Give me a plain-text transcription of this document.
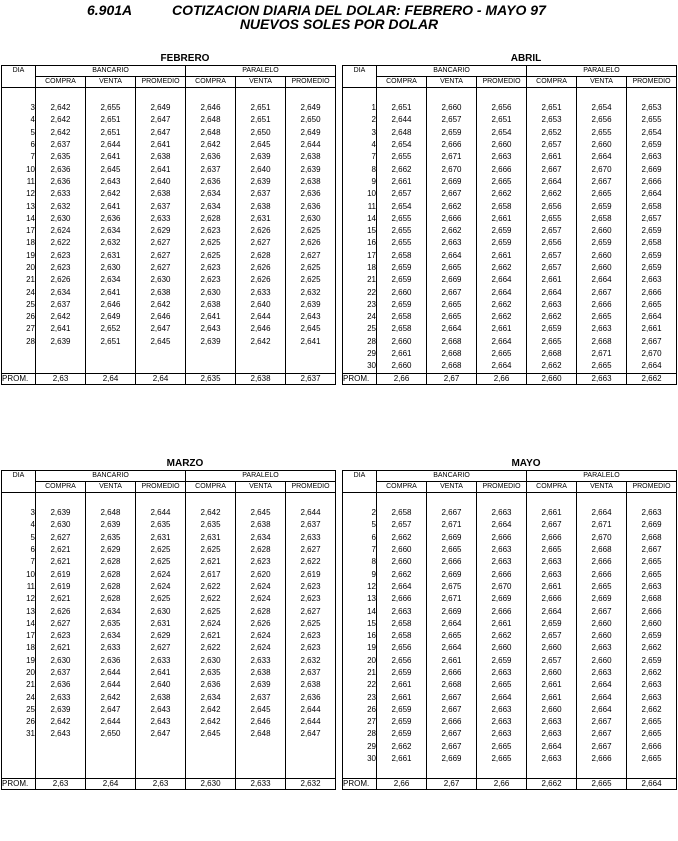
6.901A	COTIZACION DIARIA DEL DOLAR: FEBRERO - MAYO 97
NUEVOS SOLES POR DOLAR
FEBRERO
DIA	BANCARIO			PARALELO		
	COMPRA	VENTA	PROMEDIO	COMPRA	VENTA	PROMEDIO

3	2,642	2,655	2,649	2,646	2,651	2,649
4	2,642	2,651	2,647	2,648	2,651	2,650
5	2,642	2,651	2,647	2,648	2,650	2,649
6	2,637	2,644	2,641	2,642	2,645	2,644
7	2,635	2,641	2,638	2,636	2,639	2,638
10	2,636	2,645	2,641	2,637	2,640	2,639
11	2,636	2,643	2,640	2,636	2,639	2,638
12	2,633	2,642	2,638	2,634	2,637	2,636
13	2,632	2,641	2,637	2,634	2,638	2,636
14	2,630	2,636	2,633	2,628	2,631	2,630
17	2,624	2,634	2,629	2,623	2,626	2,625
18	2,622	2,632	2,627	2,625	2,627	2,626
19	2,623	2,631	2,627	2,625	2,628	2,627
20	2,623	2,630	2,627	2,623	2,626	2,625
21	2,626	2,634	2,630	2,623	2,626	2,625
24	2,634	2,641	2,638	2,630	2,633	2,632
25	2,637	2,646	2,642	2,638	2,640	2,639
26	2,642	2,649	2,646	2,641	2,644	2,643
27	2,641	2,652	2,647	2,643	2,646	2,645
28	2,639	2,651	2,645	2,639	2,642	2,641

PROM.	2,63	2,64	2,64	2,635	2,638	2,637
ABRIL
DIA	BANCARIO			PARALELO		
	COMPRA	VENTA	PROMEDIO	COMPRA	VENTA	PROMEDIO

1	2,651	2,660	2,656	2,651	2,654	2,653
2	2,644	2,657	2,651	2,653	2,656	2,655
3	2,648	2,659	2,654	2,652	2,655	2,654
4	2,654	2,666	2,660	2,657	2,660	2,659
7	2,655	2,671	2,663	2,661	2,664	2,663
8	2,662	2,670	2,666	2,667	2,670	2,669
9	2,661	2,669	2,665	2,664	2,667	2,666
10	2,657	2,667	2,662	2,662	2,665	2,664
11	2,654	2,662	2,658	2,656	2,659	2,658
14	2,655	2,666	2,661	2,655	2,658	2,657
15	2,655	2,662	2,659	2,657	2,660	2,659
16	2,655	2,663	2,659	2,656	2,659	2,658
17	2,658	2,664	2,661	2,657	2,660	2,659
18	2,659	2,665	2,662	2,657	2,660	2,659
21	2,659	2,669	2,664	2,661	2,664	2,663
22	2,660	2,667	2,664	2,664	2,667	2,666
23	2,659	2,665	2,662	2,663	2,666	2,665
24	2,658	2,665	2,662	2,662	2,665	2,664
25	2,658	2,664	2,661	2,659	2,663	2,661
28	2,660	2,668	2,664	2,665	2,668	2,667
29	2,661	2,668	2,665	2,668	2,671	2,670
30	2,660	2,668	2,664	2,662	2,665	2,664
PROM.	2,66	2,67	2,66	2,660	2,663	2,662
MARZO
DIA	BANCARIO			PARALELO		
	COMPRA	VENTA	PROMEDIO	COMPRA	VENTA	PROMEDIO

3	2,639	2,648	2,644	2,642	2,645	2,644
4	2,630	2,639	2,635	2,635	2,638	2,637
5	2,627	2,635	2,631	2,631	2,634	2,633
6	2,621	2,629	2,625	2,625	2,628	2,627
7	2,621	2,628	2,625	2,621	2,623	2,622
10	2,619	2,628	2,624	2,617	2,620	2,619
11	2,619	2,628	2,624	2,622	2,624	2,623
12	2,621	2,628	2,625	2,622	2,624	2,623
13	2,626	2,634	2,630	2,625	2,628	2,627
14	2,627	2,635	2,631	2,624	2,626	2,625
17	2,623	2,634	2,629	2,621	2,624	2,623
18	2,621	2,633	2,627	2,622	2,624	2,623
19	2,630	2,636	2,633	2,630	2,633	2,632
20	2,637	2,644	2,641	2,635	2,638	2,637
21	2,636	2,644	2,640	2,636	2,639	2,638
24	2,633	2,642	2,638	2,634	2,637	2,636
25	2,639	2,647	2,643	2,642	2,645	2,644
26	2,642	2,644	2,643	2,642	2,646	2,644
31	2,643	2,650	2,647	2,645	2,648	2,647

PROM.	2,63	2,64	2,63	2,630	2,633	2,632
MAYO
DIA	BANCARIO			PARALELO		
	COMPRA	VENTA	PROMEDIO	COMPRA	VENTA	PROMEDIO

2	2,658	2,667	2,663	2,661	2,664	2,663
5	2,657	2,671	2,664	2,667	2,671	2,669
6	2,662	2,669	2,666	2,666	2,670	2,668
7	2,660	2,665	2,663	2,665	2,668	2,667
8	2,660	2,666	2,663	2,663	2,666	2,665
9	2,662	2,669	2,666	2,663	2,666	2,665
12	2,664	2,675	2,670	2,661	2,665	2,663
13	2,666	2,671	2,669	2,666	2,669	2,668
14	2,663	2,669	2,666	2,664	2,667	2,666
15	2,658	2,664	2,661	2,659	2,660	2,660
16	2,658	2,665	2,662	2,657	2,660	2,659
19	2,656	2,664	2,660	2,660	2,663	2,662
20	2,656	2,661	2,659	2,657	2,660	2,659
21	2,659	2,666	2,663	2,660	2,663	2,662
22	2,661	2,668	2,665	2,661	2,664	2,663
23	2,661	2,667	2,664	2,661	2,664	2,663
26	2,659	2,667	2,663	2,660	2,664	2,662
27	2,659	2,666	2,663	2,663	2,667	2,665
28	2,659	2,667	2,663	2,663	2,667	2,665
29	2,662	2,667	2,665	2,664	2,667	2,666
30	2,661	2,669	2,665	2,663	2,666	2,665

PROM.	2,66	2,67	2,66	2,662	2,665	2,664
